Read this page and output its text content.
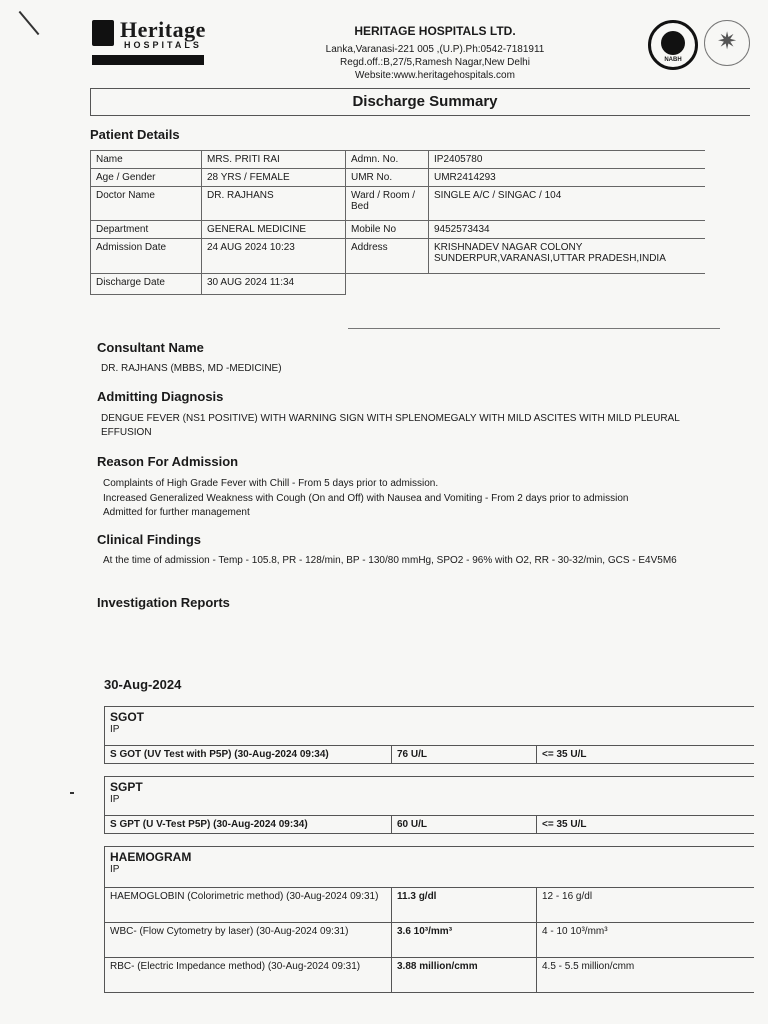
Heritage
HOSPITALS
HERITAGE HOSPITALS LTD.
Lanka,Varanasi-221 005 ,(U.P).Ph:0542-7181911
Regd.off.:B,27/5,Ramesh Nagar,New Delhi
Website:www.heritagehospitals.com
NABH
✷
Discharge Summary
Patient Details
Name	MRS. PRITI RAI	Admn. No.	IP2405780
Age / Gender	28 YRS / FEMALE	UMR No.	UMR2414293
Doctor Name	DR. RAJHANS	Ward / Room / Bed	SINGLE A/C / SINGAC / 104
Department	GENERAL MEDICINE	Mobile No	9452573434
Admission Date	24 AUG 2024 10:23	Address	KRISHNADEV NAGAR COLONY SUNDERPUR,VARANASI,UTTAR PRADESH,INDIA
Discharge Date	30 AUG 2024 11:34		
Consultant Name
DR. RAJHANS (MBBS, MD -MEDICINE)
Admitting Diagnosis
DENGUE FEVER (NS1 POSITIVE) WITH WARNING SIGN WITH SPLENOMEGALY WITH MILD ASCITES WITH MILD PLEURAL EFFUSION
Reason For Admission
Complaints of High Grade Fever with Chill - From 5 days prior to admission.
Increased Generalized Weakness with Cough (On and Off) with Nausea and Vomiting - From 2 days prior to admission
Admitted for further management
Clinical Findings
At the time of admission - Temp - 105.8, PR - 128/min, BP - 130/80 mmHg, SPO2 - 96% with O2, RR - 30-32/min, GCS - E4V5M6
Investigation Reports
30-Aug-2024
SGOT
IP

S GOT (UV Test with P5P) (30-Aug-2024 09:34)	76 U/L	<= 35 U/L
SGPT
IP

S GPT (U V-Test P5P) (30-Aug-2024 09:34)	60 U/L	<= 35 U/L
HAEMOGRAM
IP		

HAEMOGLOBIN (Colorimetric method) (30-Aug-2024 09:31)	11.3 g/dl	12 - 16 g/dl
WBC- (Flow Cytometry by laser) (30-Aug-2024 09:31)	3.6 10³/mm³	4 - 10 10³/mm³
RBC- (Electric Impedance method) (30-Aug-2024 09:31)	3.88 million/cmm	4.5 - 5.5 million/cmm
